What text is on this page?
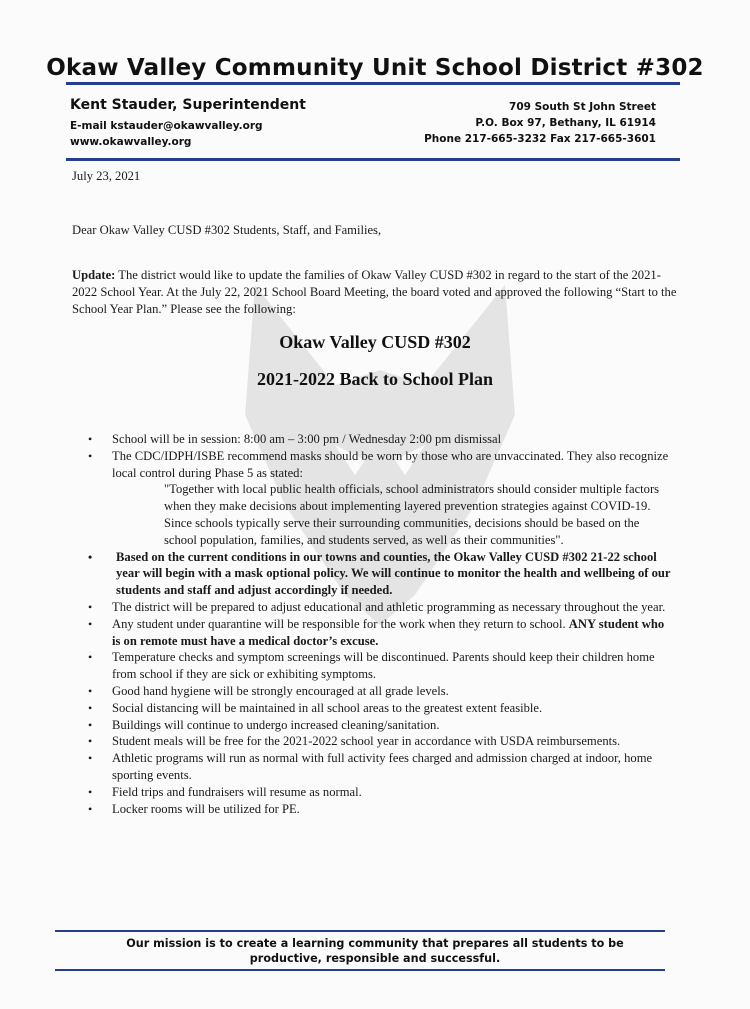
Okaw Valley Community Unit School District #302
Kent Stauder, Superintendent
E-mail kstauder@okawvalley.org
www.okawvalley.org
709 South St John Street
P.O. Box 97, Bethany, IL 61914
Phone 217-665-3232 Fax 217-665-3601
July 23, 2021
Dear Okaw Valley CUSD #302 Students, Staff, and Families,
Update: The district would like to update the families of Okaw Valley CUSD #302 in regard to the start of the 2021-2022 School Year. At the July 22, 2021 School Board Meeting, the board voted and approved the following “Start to the School Year Plan.” Please see the following:
Okaw Valley CUSD #302
2021-2022 Back to School Plan
• School will be in session: 8:00 am – 3:00 pm / Wednesday 2:00 pm dismissal
• The CDC/IDPH/ISBE recommend masks should be worn by those who are unvaccinated. They also recognize local control during Phase 5 as stated:
"Together with local public health officials, school administrators should consider multiple factors when they make decisions about implementing layered prevention strategies against COVID-19. Since schools typically serve their surrounding communities, decisions should be based on the school population, families, and students served, as well as their communities".
• Based on the current conditions in our towns and counties, the Okaw Valley CUSD #302 21-22 school year will begin with a mask optional policy. We will continue to monitor the health and wellbeing of our students and staff and adjust accordingly if needed.
• The district will be prepared to adjust educational and athletic programming as necessary throughout the year.
• Any student under quarantine will be responsible for the work when they return to school. ANY student who is on remote must have a medical doctor’s excuse.
• Temperature checks and symptom screenings will be discontinued. Parents should keep their children home from school if they are sick or exhibiting symptoms.
• Good hand hygiene will be strongly encouraged at all grade levels.
• Social distancing will be maintained in all school areas to the greatest extent feasible.
• Buildings will continue to undergo increased cleaning/sanitation.
• Student meals will be free for the 2021-2022 school year in accordance with USDA reimbursements.
• Athletic programs will run as normal with full activity fees charged and admission charged at indoor, home sporting events.
• Field trips and fundraisers will resume as normal.
• Locker rooms will be utilized for PE.
Our mission is to create a learning community that prepares all students to be
productive, responsible and successful.
